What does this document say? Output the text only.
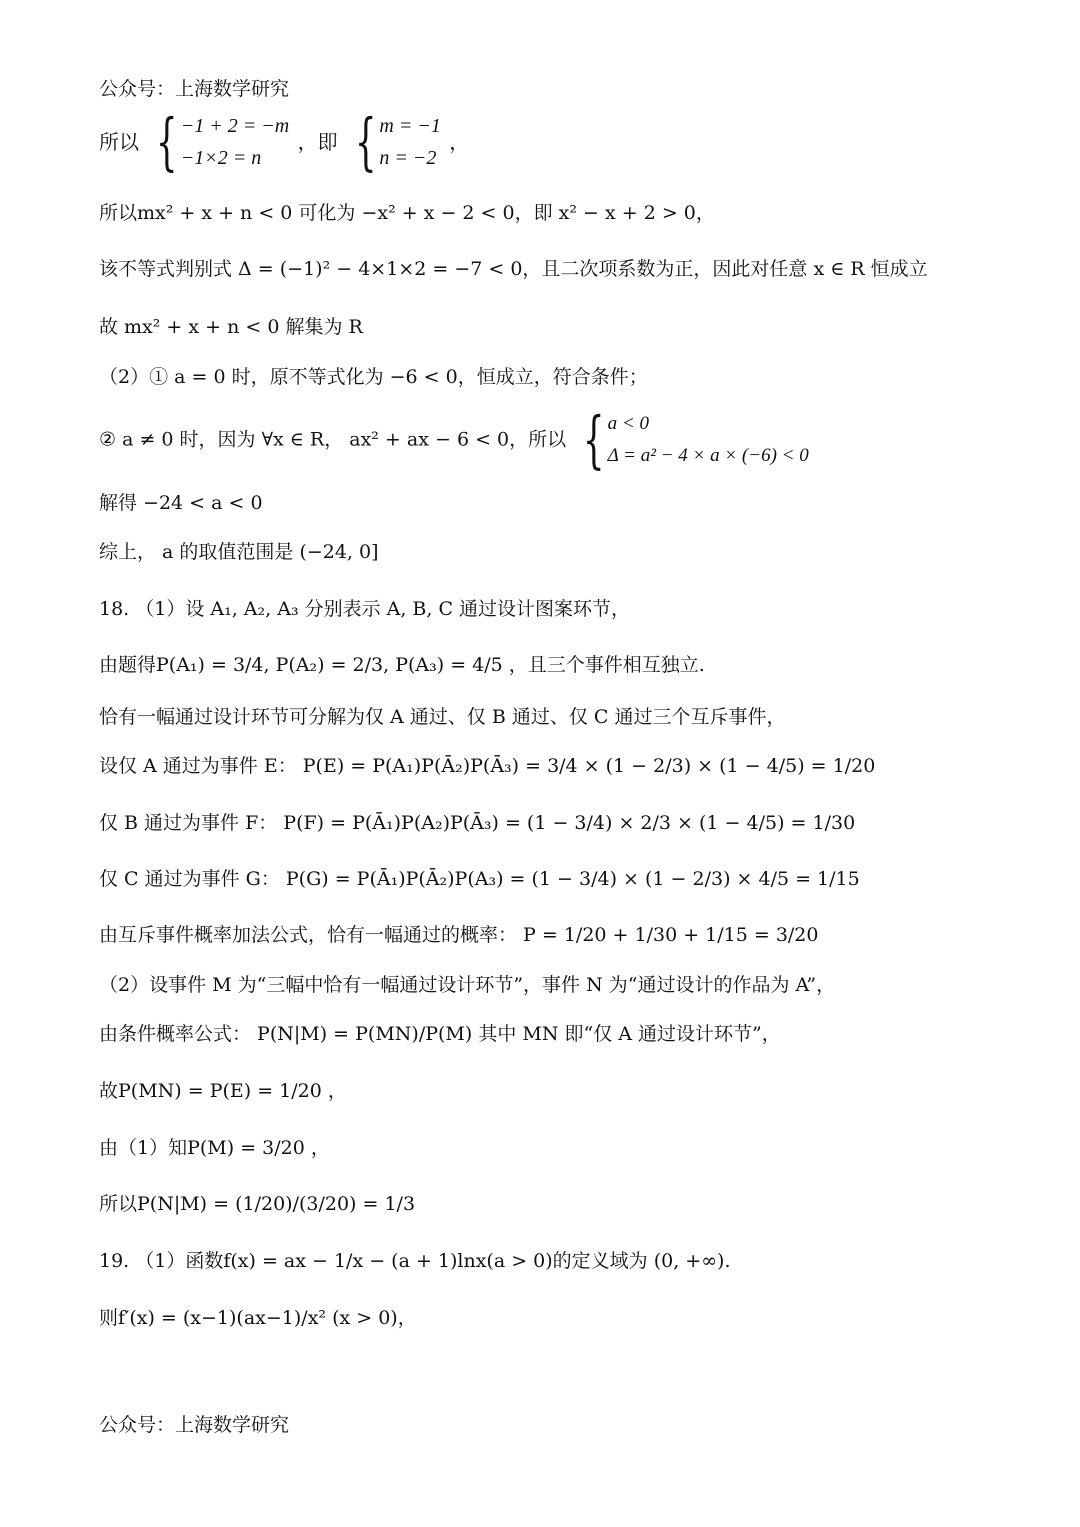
公众号：上海数学研究
所以 { −1 + 2 = −m
−1×2 = n
，即 { m = −1
n = −2
，
所以mx² + x + n < 0 可化为 −x² + x − 2 < 0，即 x² − x + 2 > 0，
该不等式判别式 Δ = (−1)² − 4×1×2 = −7 < 0，且二次项系数为正，因此对任意 x ∈ R 恒成立
故 mx² + x + n < 0 解集为 R
（2）① a = 0 时，原不等式化为 −6 < 0，恒成立，符合条件；
② a ≠ 0 时，因为 ∀x ∈ R， ax² + ax − 6 < 0，所以 { a < 0
Δ = a² − 4 × a × (−6) < 0
解得 −24 < a < 0
综上， a 的取值范围是 (−24, 0]
18. （1）设 A₁, A₂, A₃ 分别表示 A, B, C 通过设计图案环节，
由题得P(A₁) = 3/4, P(A₂) = 2/3, P(A₃) = 4/5 ，且三个事件相互独立.
恰有一幅通过设计环节可分解为仅 A 通过、仅 B 通过、仅 C 通过三个互斥事件，
设仅 A 通过为事件 E： P(E) = P(A₁)P(Ā₂)P(Ā₃) = 3/4 × (1 − 2/3) × (1 − 4/5) = 1/20
仅 B 通过为事件 F： P(F) = P(Ā₁)P(A₂)P(Ā₃) = (1 − 3/4) × 2/3 × (1 − 4/5) = 1/30
仅 C 通过为事件 G： P(G) = P(Ā₁)P(Ā₂)P(A₃) = (1 − 3/4) × (1 − 2/3) × 4/5 = 1/15
由互斥事件概率加法公式，恰有一幅通过的概率： P = 1/20 + 1/30 + 1/15 = 3/20
（2）设事件 M 为“三幅中恰有一幅通过设计环节”，事件 N 为“通过设计的作品为 A”，
由条件概率公式： P(N|M) = P(MN)/P(M) 其中 MN 即“仅 A 通过设计环节”，
故P(MN) = P(E) = 1/20 ，
由（1）知P(M) = 3/20 ，
所以P(N|M) = (1/20)/(3/20) = 1/3
19. （1）函数f(x) = ax − 1/x − (a + 1)lnx(a > 0)的定义域为 (0, +∞).
则f′(x) = (x−1)(ax−1)/x² (x > 0)，
公众号：上海数学研究
